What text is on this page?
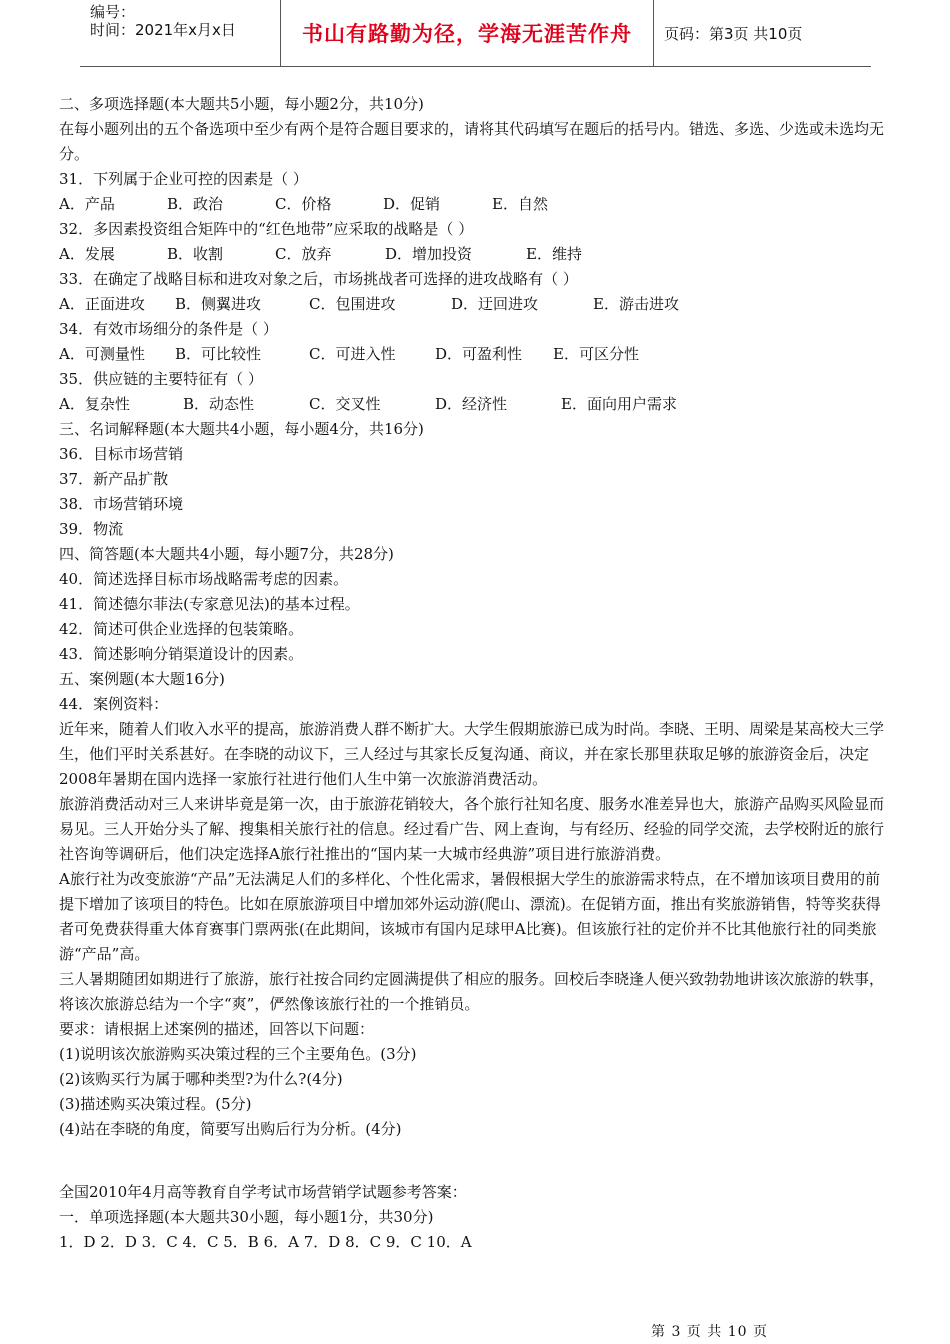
编号：
时间：2021年x月x日	书山有路勤为径，学海无涯苦作舟	页码：第3页 共10页
二、多项选择题(本大题共5小题，每小题2分，共10分)
在每小题列出的五个备选项中至少有两个是符合题目要求的，请将其代码填写在题后的括号内。错选、多选、少选或未选均无分。
31．下列属于企业可控的因素是（ ）
A．产品	B．政治	C．价格	D．促销	E．自然
32．多因素投资组合矩阵中的“红色地带”应采取的战略是（ ）
A．发展	B．收割	C．放弃	D．增加投资	E．维持
33．在确定了战略目标和进攻对象之后，市场挑战者可选择的进攻战略有（ ）
A．正面进攻	B．侧翼进攻	C．包围进攻	D．迂回进攻	E．游击进攻
34．有效市场细分的条件是（ ）
A．可测量性	B．可比较性	C．可进入性	D．可盈利性	E．可区分性
35．供应链的主要特征有（ ）
A．复杂性	B．动态性	C．交叉性	D．经济性	E．面向用户需求
三、名词解释题(本大题共4小题，每小题4分，共16分)
36．目标市场营销
37．新产品扩散
38．市场营销环境
39．物流
四、简答题(本大题共4小题，每小题7分，共28分)
40．简述选择目标市场战略需考虑的因素。
41．简述德尔菲法(专家意见法)的基本过程。
42．简述可供企业选择的包装策略。
43．简述影响分销渠道设计的因素。
五、案例题(本大题16分)
44．案例资料：
近年来，随着人们收入水平的提高，旅游消费人群不断扩大。大学生假期旅游已成为时尚。李晓、王明、周梁是某高校大三学生，他们平时关系甚好。在李晓的动议下，三人经过与其家长反复沟通、商议，并在家长那里获取足够的旅游资金后，决定2008年暑期在国内选择一家旅行社进行他们人生中第一次旅游消费活动。
旅游消费活动对三人来讲毕竟是第一次，由于旅游花销较大，各个旅行社知名度、服务水准差异也大，旅游产品购买风险显而易见。三人开始分头了解、搜集相关旅行社的信息。经过看广告、网上查询，与有经历、经验的同学交流，去学校附近的旅行社咨询等调研后，他们决定选择A旅行社推出的“国内某一大城市经典游”项目进行旅游消费。
A旅行社为改变旅游“产品”无法满足人们的多样化、个性化需求，暑假根据大学生的旅游需求特点，在不增加该项目费用的前提下增加了该项目的特色。比如在原旅游项目中增加郊外运动游(爬山、漂流)。在促销方面，推出有奖旅游销售，特等奖获得者可免费获得重大体育赛事门票两张(在此期间，该城市有国内足球甲A比赛)。但该旅行社的定价并不比其他旅行社的同类旅游“产品”高。
三人暑期随团如期进行了旅游，旅行社按合同约定圆满提供了相应的服务。回校后李晓逢人便兴致勃勃地讲该次旅游的轶事，将该次旅游总结为一个字“爽”，俨然像该旅行社的一个推销员。
要求：请根据上述案例的描述，回答以下问题：
(1)说明该次旅游购买决策过程的三个主要角色。(3分)
(2)该购买行为属于哪种类型?为什么?(4分)
(3)描述购买决策过程。(5分)
(4)站在李晓的角度，简要写出购后行为分析。(4分)
全国2010年4月高等教育自学考试市场营销学试题参考答案：
一．单项选择题(本大题共30小题，每小题1分，共30分)
1．D 2．D 3．C 4．C 5．B 6．A 7．D 8．C 9．C 10．A
第 3 页 共 10 页
